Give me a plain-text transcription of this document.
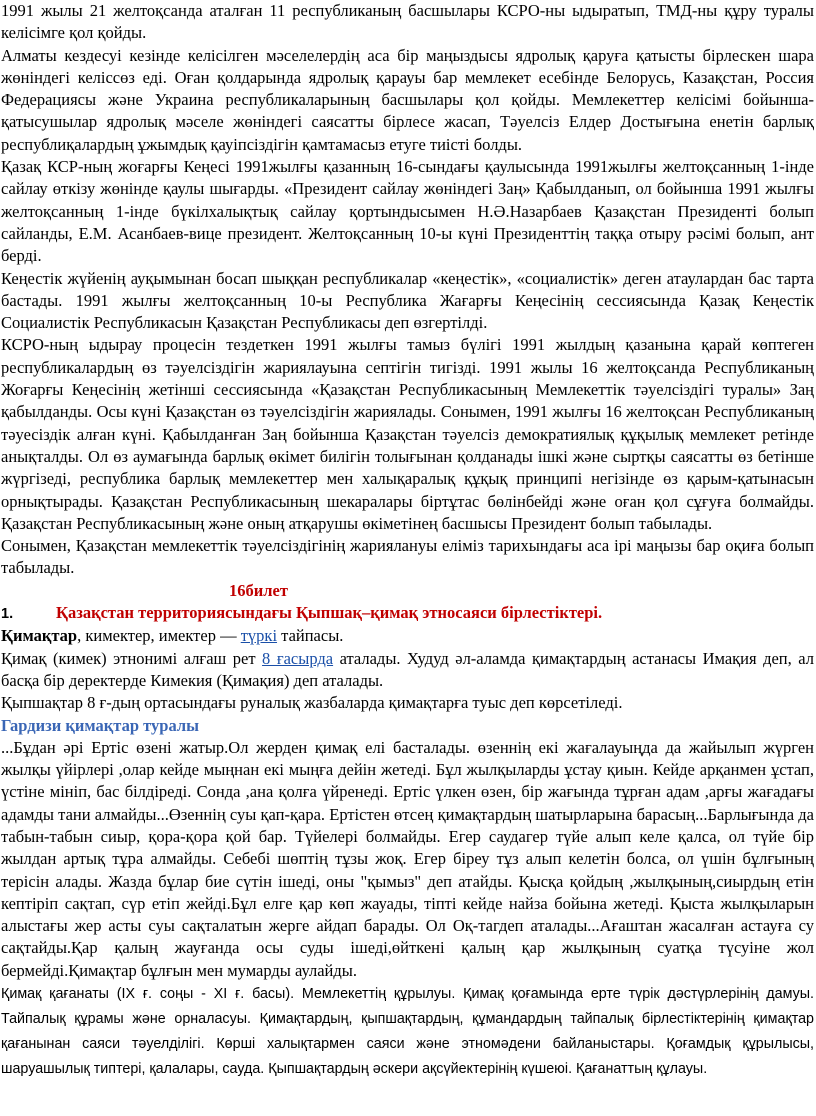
1991 жылы 21 желтоқсанда аталған 11 республиканың басшылары КСРО-ны ыдыратып, ТМД-ны құру туралы келісімге қол қойды.

Алматы кездесуі кезінде келісілген мәселелердің аса бір маңыздысы ядролық қаруға қатысты бірлескен шара жөніндегі келіссөз еді. Оған қолдарында ядролық қарауы бар мемлекет есебінде Белорусь, Казақстан, Россия Федерациясы және Украина республикаларының басшылары қол қойды. Мемлекеттер келісімі бойынша-қатысушылар ядролық мәселе жөніндегі саясатты бірлесе жасап, Тәуелсіз Елдер Достығына енетін барлық республиқалардың ұжымдық қауіпсіздігін қамтамасыз етуге тиісті болды.

Қазақ КСР-ның жоғарғы Кеңесі 1991жылғы қазанның 16-сындағы қаулысында 1991жылғы желтоқсанның 1-інде сайлау өткізу жөнінде қаулы шығарды. «Президент сайлау жөніндегі Заң» Қабылданып, ол бойынша 1991 жылғы желтоқсанның 1-інде бүкілхалықтық сайлау қортындысымен Н.Ә.Назарбаев Қазақстан Президенті болып сайланды, Е.М. Асанбаев-вице президент. Желтоқсанның 10-ы күні Президенттің таққа отыру рәсімі болып, ант берді.

Кеңестік жүйенің ауқымынан босап шыққан республикалар «кеңестік», «социалистік» деген атаулардан бас тарта бастады. 1991 жылғы желтоқсанның 10-ы Республика Жағарғы Кеңесінің сессиясында Қазақ Кеңестік Социалистік Республикасын Қазақстан Республикасы деп өзгертілді.

КСРО-ның ыдырау процесін тездеткен 1991 жылғы тамыз бүлігі 1991 жылдың қазанына қарай көптеген республикалардың өз тәуелсіздігін жариялауына септігін тигізді. 1991 жылы 16 желтоқсанда Республиканың Жоғарғы Кеңесінің жетінші сессиясында «Қазақстан Республикасының Мемлекеттік тәуелсіздігі туралы» Заң қабылданды. Осы күні Қазақстан өз тәуелсіздігін жариялады. Сонымен, 1991 жылғы 16 желтоқсан Республиканың тәуесіздік алған күні. Қабылданған Заң бойынша Қазақстан тәуелсіз демократиялық құқылық мемлекет ретінде анықталды. Ол өз аумағында барлық өкімет билігін толығынан қолданады ішкі және сыртқы саясатты өз бетінше жүргізеді, республика барлық мемлекеттер мен халықаралық құқық принципі негізінде өз қарым-қатынасын орнықтырады. Қазақстан Республикасының шекаралары біртұтас бөлінбейді және оған қол сұғуға болмайды. Қазақстан Республикасының және оның атқарушы өкіметінең басшысы Президент болып табылады.

Сонымен, Қазақстан мемлекеттік тәуелсіздігінің жариялануы еліміз тарихындағы аса ірі маңызы бар оқиға болып табылады.

16билет

1.	Қазақстан территориясындағы Қыпшақ–қимақ этносаяси бірлестіктері.

Қимақтар, кимектер, имектер — түркі тайпасы.

Қимақ (кимек) этнонимі алғаш рет 8 ғасырда аталады. Худуд әл-аламда қимақтардың астанасы Имақия деп, ал басқа бір деректерде Кимекия (Қимақия) деп аталады.

Қыпшақтар 8 ғ-дың ортасындағы руналық жазбаларда қимақтарға туыс деп көрсетіледі.

Гардизи қимақтар туралы

...Бұдан әрі Ертіс өзені жатыр.Ол жерден қимақ елі басталады. өзеннің екі жағалауыңда да жайылып жүрген жылқы үйірлері ,олар кейде мыңнан екі мыңға дейін жетеді. Бұл жылқыларды ұстау қиын. Кейде арқанмен ұстап, үстіне мініп, бас білдіреді. Сонда ,ана қолға үйренеді. Ертіс үлкен өзен, бір жағында тұрған адам ,арғы жағадағы адамды тани алмайды...Өзеннің суы қап-қара. Ертістен өтсең қимақтардың шатырларына барасың...Барлығында да табын-табын сиыр, қора-қора қой бар. Түйелері болмайды. Егер саудагер түйе алып келе қалса, ол түйе бір жылдан артық тұра алмайды. Себебі шөптің тұзы жоқ. Егер біреу тұз алып келетін болса, ол үшін бұлғының терісін алады. Жазда бұлар бие сүтін ішеді, оны "қымыз" деп атайды. Қысқа қойдың ,жылқының,сиырдың етін кептіріп сақтап, сүр етіп жейді.Бұл елге қар көп жауады, тіпті кейде найза бойына жетеді. Қыста жылқыларын алыстағы жер асты суы сақталатын жерге айдап барады. Ол Оқ-тагдеп аталады...Ағаштан жасалған астауға су сақтайды.Қар қалың жауғанда осы суды ішеді,өйткені қалың қар жылқының суатқа түсуіне жол бермейді.Қимақтар бұлғын мен мумарды аулайды.

Қимақ қағанаты (IX ғ. соңы - XI ғ. басы). Мемлекеттің құрылуы. Қимақ қоғамында ерте түрік дәстүрлерінің дамуы. Тайпалық құрамы және орналасуы. Қимақтардың, қыпшақтардың, құмандардың тайпалық бірлестіктерінің қимақтар қағанынан саяси тәуелділігі. Көрші халықтармен саяси және этномәдени байланыстары. Қоғамдық құрылысы, шаруашылық типтері, қалалары, сауда. Қыпшақтардың әскери ақсүйектерінің күшеюі. Қағанаттың құлауы.
